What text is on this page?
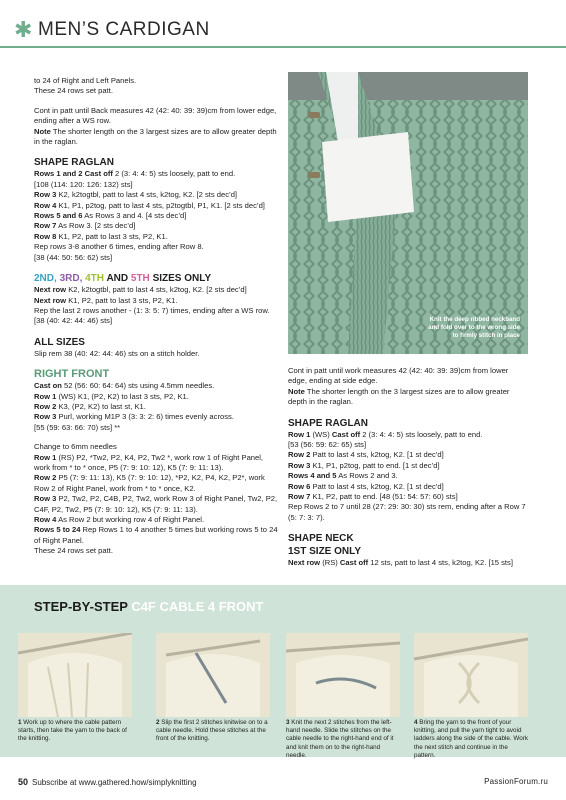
✱ MEN’S CARDIGAN

to 24 of Right and Left Panels.

These 24 rows set patt.

Cont in patt until Back measures 42 (42: 40: 39: 39)cm from lower edge, ending after a WS row.

Note The shorter length on the 3 largest sizes are to allow greater depth in the raglan.

SHAPE RAGLAN

Rows 1 and 2 Cast off 2 (3: 4: 4: 5) sts loosely, patt to end.

[108 (114: 120: 126: 132) sts]

Row 3 K2, k2togtbl, patt to last 4 sts, k2tog, K2. [2 sts dec’d]

Row 4 K1, P1, p2tog, patt to last 4 sts, p2togtbl, P1, K1. [2 sts dec’d]

Rows 5 and 6 As Rows 3 and 4. [4 sts dec’d]

Row 7 As Row 3. [2 sts dec’d]

Row 8 K1, P2, patt to last 3 sts, P2, K1.

Rep rows 3-8 another 6 times, ending after Row 8.

[38 (44: 50: 56: 62) sts]

2ND, 3RD, 4TH AND 5TH SIZES ONLY

Next row K2, k2togtbl, patt to last 4 sts, k2tog, K2. [2 sts dec’d]

Next row K1, P2, patt to last 3 sts, P2, K1.

Rep the last 2 rows another - (1: 3: 5: 7) times, ending after a WS row. [38 (40: 42: 44: 46) sts]

ALL SIZES

Slip rem 38 (40: 42: 44: 46) sts on a stitch holder.

RIGHT FRONT

Cast on 52 (56: 60: 64: 64) sts using 4.5mm needles.

Row 1 (WS) K1, (P2, K2) to last 3 sts, P2, K1.

Row 2 K3, (P2, K2) to last st, K1.

Row 3 Purl, working M1P 3 (3: 3: 2: 6) times evenly across.

[55 (59: 63: 66: 70) sts] **

Change to 6mm needles

Row 1 (RS) P2, *Tw2, P2, K4, P2, Tw2 *, work row 1 of Right Panel, work from * to * once, P5 (7: 9: 10: 12), K5 (7: 9: 11: 13).

Row 2 P5 (7: 9: 11: 13), K5 (7: 9: 10: 12), *P2, K2, P4, K2, P2*, work Row 2 of Right Panel, work from * to * once, K2.

Row 3 P2, Tw2, P2, C4B, P2, Tw2, work Row 3 of Right Panel, Tw2, P2, C4F, P2, Tw2, P5 (7: 9: 10: 12), K5 (7: 9: 11: 13).

Row 4 As Row 2 but working row 4 of Right Panel.

Rows 5 to 24 Rep Rows 1 to 4 another 5 times but working rows 5 to 24 of Right Panel.

These 24 rows set patt.

Knit the deep ribbed neckband and fold over to the wrong side to firmly stitch in place

Cont in patt until work measures 42 (42: 40: 39: 39)cm from lower edge, ending at side edge.

Note The shorter length on the 3 largest sizes are to allow greater depth in the raglan.

SHAPE RAGLAN

Row 1 (WS) Cast off 2 (3: 4: 4: 5) sts loosely, patt to end.

[53 (56: 59: 62: 65) sts]

Row 2 Patt to last 4 sts, k2tog, K2. [1 st dec’d]

Row 3 K1, P1, p2tog, patt to end. [1 st dec’d]

Rows 4 and 5 As Rows 2 and 3.

Row 6 Patt to last 4 sts, k2tog, K2. [1 st dec’d]

Row 7 K1, P2, patt to end. [48 (51: 54: 57: 60) sts]

Rep Rows 2 to 7 until 28 (27: 29: 30: 30) sts rem, ending after a Row 7 (5: 7: 3: 7).

SHAPE NECK
1ST SIZE ONLY

Next row (RS) Cast off 12 sts, patt to last 4 sts, k2tog, K2. [15 sts]

STEP-BY-STEP C4F CABLE 4 FRONT
1 Work up to where the cable pattern starts, then take the yarn to the back of the knitting.
2 Slip the first 2 stitches knitwise on to a cable needle. Hold these stitches at the front of the knitting.
3 Knit the next 2 stitches from the left-hand needle. Slide the stitches on the cable needle to the right-hand end of it and knit them on to the right-hand needle.
4 Bring the yarn to the front of your knitting, and pull the yarn tight to avoid ladders along the side of the cable. Work the next stitch and continue in the pattern.
50 Subscribe at www.gathered.how/simplyknitting	PassionForum.ru
